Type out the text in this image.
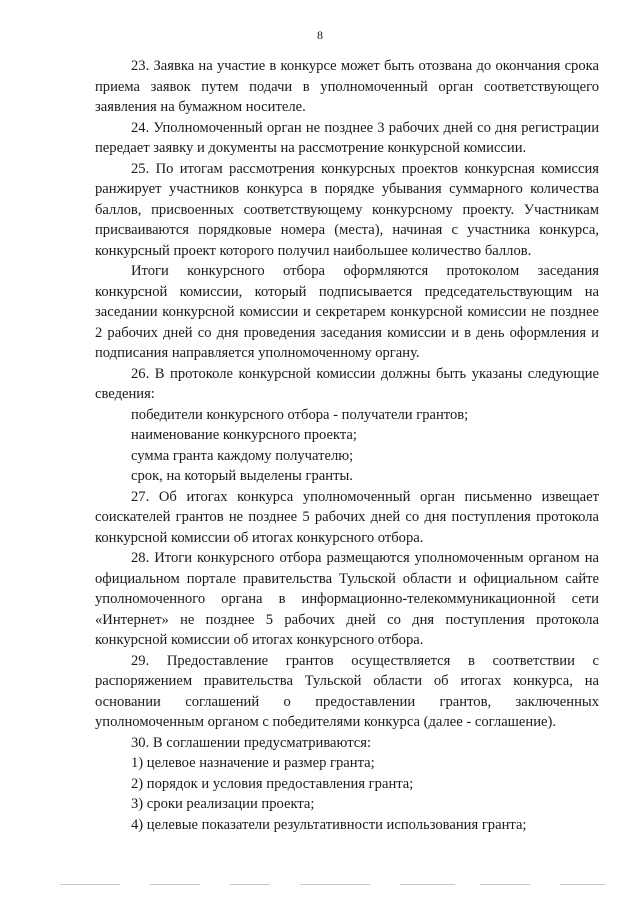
8

23. Заявка на участие в конкурсе может быть отозвана до окончания срока приема заявок путем подачи в уполномоченный орган соответствующего заявления на бумажном носителе.

24. Уполномоченный орган не позднее 3 рабочих дней со дня регистрации передает заявку и документы на рассмотрение конкурсной комиссии.

25. По итогам рассмотрения конкурсных проектов конкурсная комиссия ранжирует участников конкурса в порядке убывания суммарного количества баллов, присвоенных соответствующему конкурсному проекту. Участникам присваиваются порядковые номера (места), начиная с участника конкурса, конкурсный проект которого получил наибольшее количество баллов.

Итоги конкурсного отбора оформляются протоколом заседания конкурсной комиссии, который подписывается председательствующим на заседании конкурсной комиссии и секретарем конкурсной комиссии не позднее 2 рабочих дней со дня проведения заседания комиссии и в день оформления и подписания направляется уполномоченному органу.

26. В протоколе конкурсной комиссии должны быть указаны следующие сведения:

победители конкурсного отбора - получатели грантов;

наименование конкурсного проекта;

сумма гранта каждому получателю;

срок, на который выделены гранты.

27. Об итогах конкурса уполномоченный орган письменно извещает соискателей грантов не позднее 5 рабочих дней со дня поступления протокола конкурсной комиссии об итогах конкурсного отбора.

28. Итоги конкурсного отбора размещаются уполномоченным органом на официальном портале правительства Тульской области и официальном сайте уполномоченного органа в информационно-телекоммуникационной сети «Интернет» не позднее 5 рабочих дней со дня поступления протокола конкурсной комиссии об итогах конкурсного отбора.

29. Предоставление грантов осуществляется в соответствии с распоряжением правительства Тульской области об итогах конкурса, на основании соглашений о предоставлении грантов, заключенных уполномоченным органом с победителями конкурса (далее - соглашение).

30. В соглашении предусматриваются:

1) целевое назначение и размер гранта;

2) порядок и условия предоставления гранта;

3) сроки реализации проекта;

4) целевые показатели результативности использования гранта;
